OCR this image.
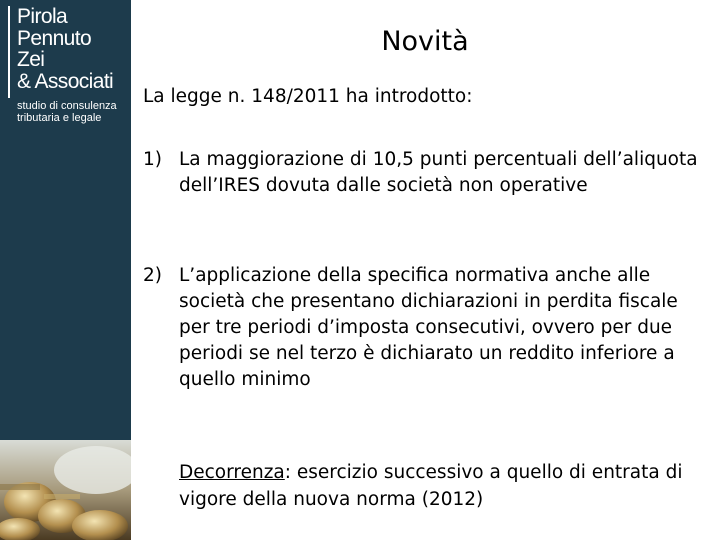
Pirola
Pennuto
Zei
& Associati
studio di consulenza
tributaria e legale
Novità
La legge n. 148/2011 ha introdotto:
1) La maggiorazione di 10,5 punti percentuali dell’aliquota dell’IRES dovuta dalle società non operative
2) L’applicazione della specifica normativa anche alle società che presentano dichiarazioni in perdita fiscale per tre periodi d’imposta consecutivi, ovvero per due periodi se nel terzo è dichiarato un reddito inferiore a quello minimo
Decorrenza: esercizio successivo a quello di entrata di vigore della nuova norma (2012)
